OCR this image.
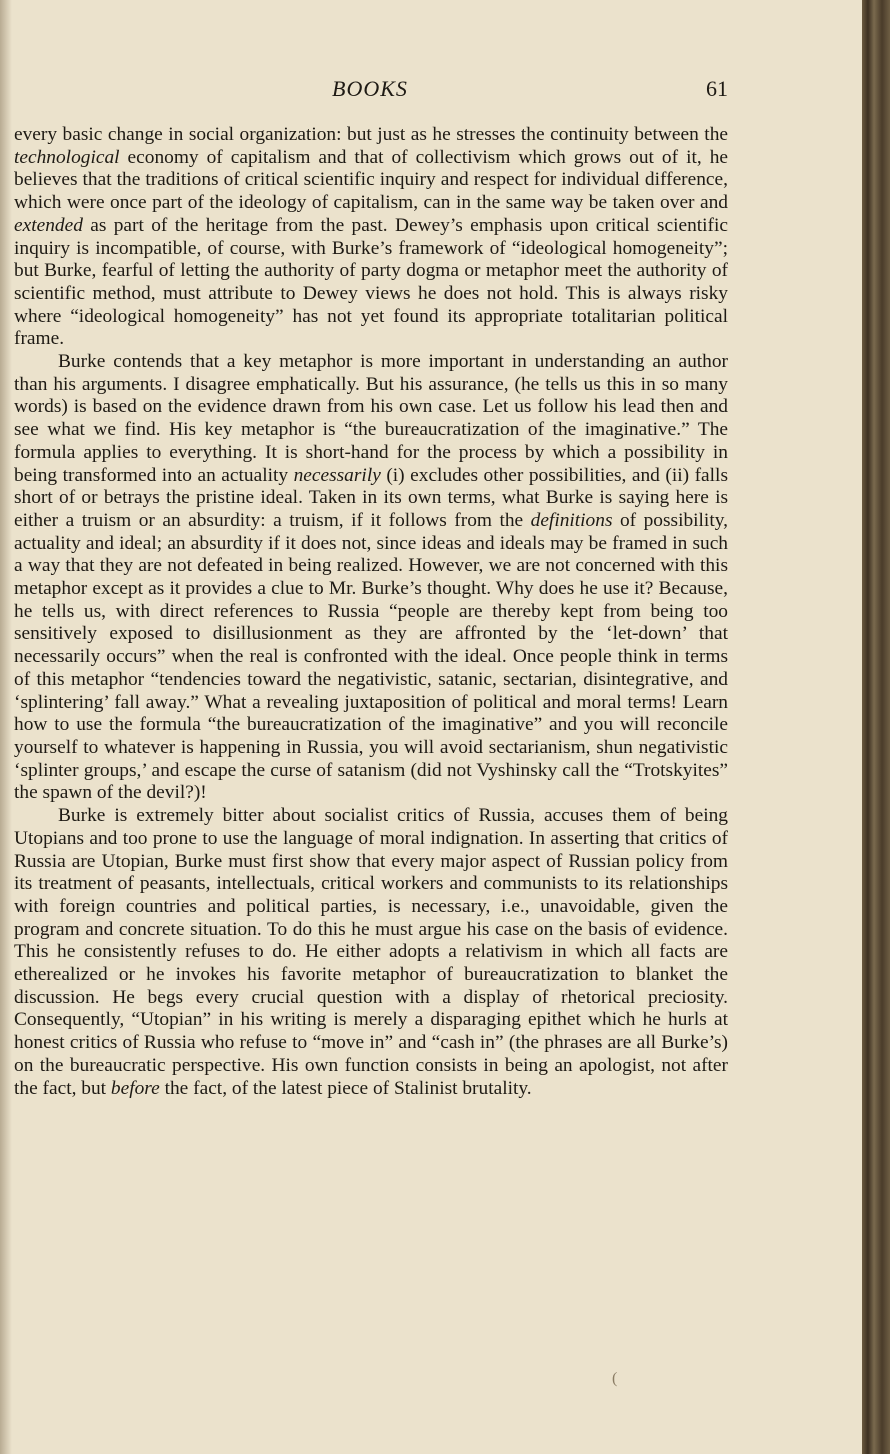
BOOKS	61

every basic change in social organization: but just as he stresses the continuity between the technological economy of capitalism and that of collectivism which grows out of it, he believes that the traditions of critical scientific inquiry and respect for individual difference, which were once part of the ideology of capitalism, can in the same way be taken over and extended as part of the heritage from the past. Dewey’s emphasis upon critical scientific inquiry is incompatible, of course, with Burke’s framework of “ideological homogeneity”; but Burke, fearful of letting the authority of party dogma or metaphor meet the authority of scientific method, must attribute to Dewey views he does not hold. This is always risky where “ideological homogeneity” has not yet found its appropriate totalitarian political frame.

Burke contends that a key metaphor is more important in understanding an author than his arguments. I disagree emphatically. But his assurance, (he tells us this in so many words) is based on the evidence drawn from his own case. Let us follow his lead then and see what we find. His key metaphor is “the bureaucratization of the imaginative.” The formula applies to everything. It is short-hand for the process by which a possibility in being transformed into an actuality necessarily (i) excludes other possibilities, and (ii) falls short of or betrays the pristine ideal. Taken in its own terms, what Burke is saying here is either a truism or an absurdity: a truism, if it follows from the definitions of possibility, actuality and ideal; an absurdity if it does not, since ideas and ideals may be framed in such a way that they are not defeated in being realized. However, we are not concerned with this metaphor except as it provides a clue to Mr. Burke’s thought. Why does he use it? Because, he tells us, with direct references to Russia “people are thereby kept from being too sensitively exposed to disillusionment as they are affronted by the ‘let-down’ that necessarily occurs” when the real is confronted with the ideal. Once people think in terms of this metaphor “tendencies toward the negativistic, satanic, sectarian, disintegrative, and ‘splintering’ fall away.” What a revealing juxtaposition of political and moral terms! Learn how to use the formula “the bureaucratization of the imaginative” and you will reconcile yourself to whatever is happening in Russia, you will avoid sectarianism, shun negativistic ‘splinter groups,’ and escape the curse of satanism (did not Vyshinsky call the “Trotskyites” the spawn of the devil?)!

Burke is extremely bitter about socialist critics of Russia, accuses them of being Utopians and too prone to use the language of moral indignation. In asserting that critics of Russia are Utopian, Burke must first show that every major aspect of Russian policy from its treatment of peasants, intellectuals, critical workers and communists to its relationships with foreign countries and political parties, is necessary, i.e., unavoidable, given the program and concrete situation. To do this he must argue his case on the basis of evidence. This he consistently refuses to do. He either adopts a relativism in which all facts are etherealized or he invokes his favorite metaphor of bureaucratization to blanket the discussion. He begs every crucial question with a display of rhetorical preciosity. Consequently, “Utopian” in his writing is merely a disparaging epithet which he hurls at honest critics of Russia who refuse to “move in” and “cash in” (the phrases are all Burke’s) on the bureaucratic perspective. His own function consists in being an apologist, not after the fact, but before the fact, of the latest piece of Stalinist brutality.

(
